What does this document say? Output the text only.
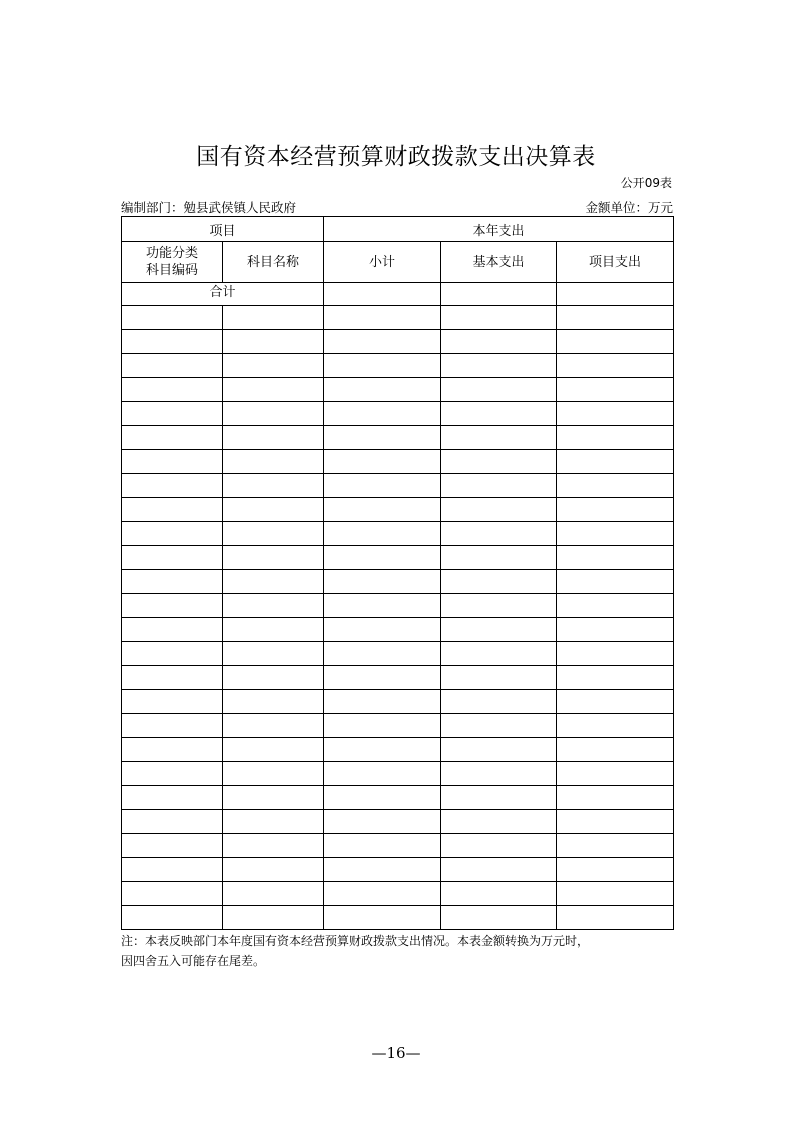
国有资本经营预算财政拨款支出决算表
公开09表
编制部门：勉县武侯镇人民政府	金额单位：万元
项目		本年支出		

功能分类
科目编码	科目名称	小计	基本支出	项目支出
合计				

注：本表反映部门本年度国有资本经营预算财政拨款支出情况。本表金额转换为万元时，
因四舍五入可能存在尾差。
—16—
